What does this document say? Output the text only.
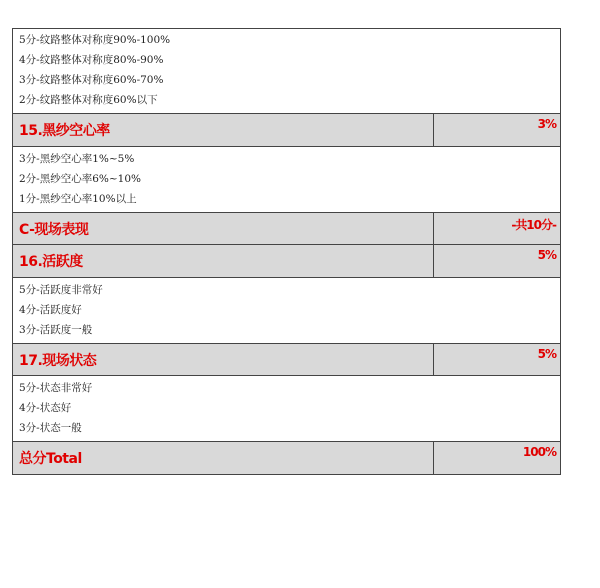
5分-纹路整体对称度90%-100%
4分-纹路整体对称度80%-90%
3分-纹路整体对称度60%-70%
2分-纹路整体对称度60%以下
15.黑纱空心率	3%
3分-黑纱空心率1%~5%
2分-黑纱空心率6%~10%
1分-黑纱空心率10%以上
C-现场表现	-共10分-
16.活跃度	5%
5分-活跃度非常好
4分-活跃度好
3分-活跃度一般
17.现场状态	5%
5分-状态非常好
4分-状态好
3分-状态一般
总分Total	100%
